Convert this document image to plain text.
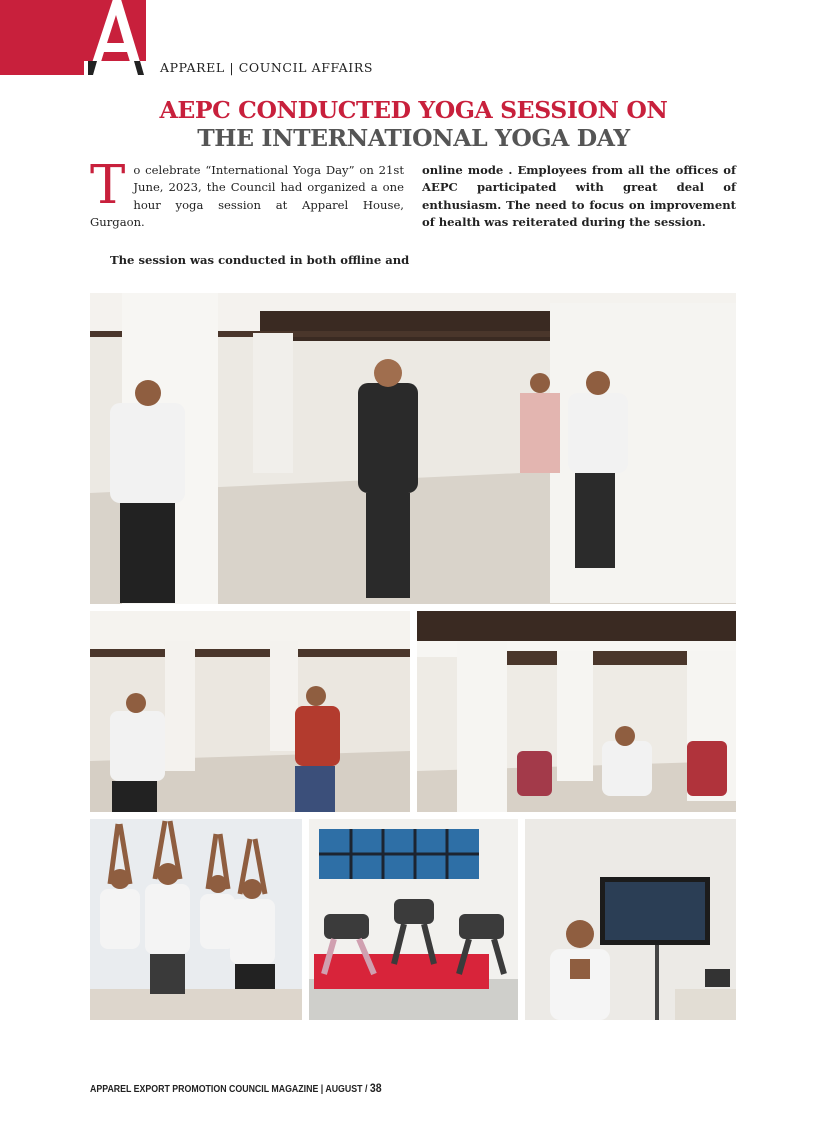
APPAREL | COUNCIL AFFAIRS
AEPC CONDUCTED YOGA SESSION ON
THE INTERNATIONAL YOGA DAY
T o celebrate “International Yoga Day” on 21st June, 2023, the Council had organized a one hour yoga session at Apparel House, Gurgaon.
The session was conducted in both offline and
online mode . Employees from all the offices of AEPC participated with great deal of enthusiasm. The need to focus on improvement of health was reiterated during the session.
APPAREL EXPORT PROMOTION COUNCIL MAGAZINE | AUGUST / 38
